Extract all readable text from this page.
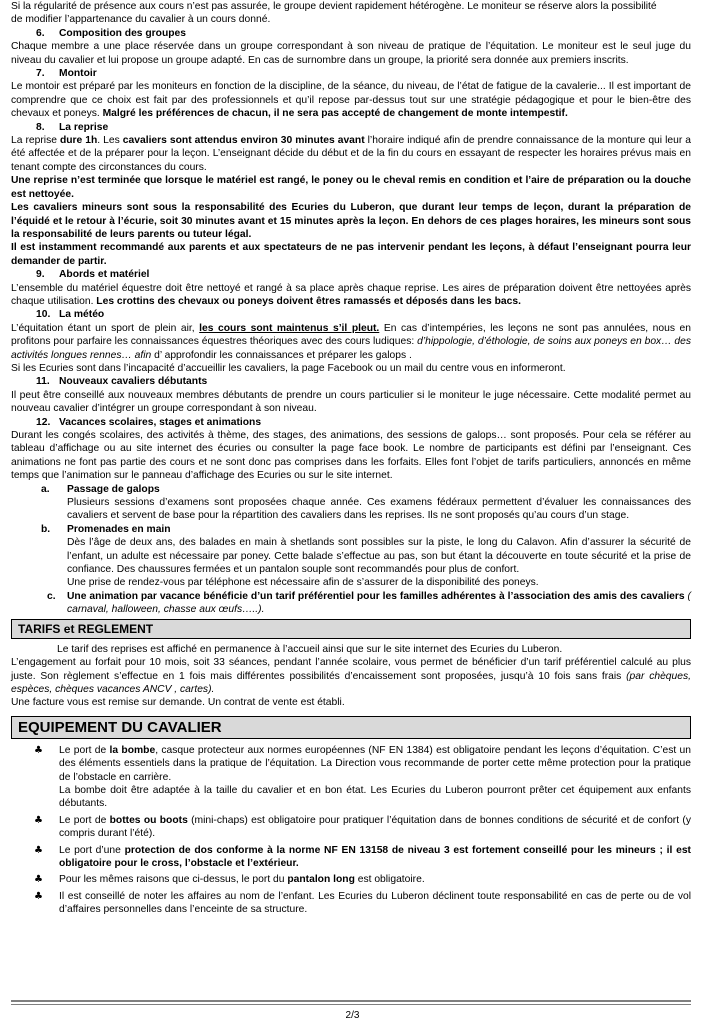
Si la régularité de présence aux cours n’est pas assurée, le groupe devient rapidement hétérogène. Le moniteur se réserve alors la possibilité

de modifier l’appartenance du cavalier à un cours donné.

6. Composition des groupes

Chaque membre a une place réservée dans un groupe correspondant à son niveau de pratique de l’équitation. Le moniteur est le seul juge du niveau du cavalier et lui propose un groupe adapté. En cas de surnombre dans un groupe, la priorité sera donnée aux premiers inscrits.

7. Montoir

Le montoir est préparé par les moniteurs en fonction de la discipline, de la séance, du niveau, de l’état de fatigue de la cavalerie... Il est important de comprendre que ce choix est fait par des professionnels et qu’il repose par-dessus tout sur une stratégie pédagogique et pour le bien-être des chevaux et poneys. Malgré les préférences de chacun, il ne sera pas accepté de changement de monte intempestif.

8. La reprise

La reprise dure 1h. Les cavaliers sont attendus environ 30 minutes avant l’horaire indiqué afin de prendre connaissance de la monture qui leur a été affectée et de la préparer pour la leçon. L’enseignant décide du début et de la fin du cours en essayant de respecter les horaires prévus mais en tenant compte des circonstances du cours.

Une reprise n’est terminée que lorsque le matériel est rangé, le poney ou le cheval remis en condition et l’aire de préparation ou la douche est nettoyée.

Les cavaliers mineurs sont sous la responsabilité des Ecuries du Luberon, que durant leur temps de leçon, durant la préparation de l’équidé et le retour à l’écurie, soit 30 minutes avant et 15 minutes après la leçon. En dehors de ces plages horaires, les mineurs sont sous la responsabilité de leurs parents ou tuteur légal.

Il est instamment recommandé aux parents et aux spectateurs de ne pas intervenir pendant les leçons, à défaut l’enseignant pourra leur demander de partir.

9. Abords et matériel

L’ensemble du matériel équestre doit être nettoyé et rangé à sa place après chaque reprise. Les aires de préparation doivent être nettoyées après chaque utilisation. Les crottins des chevaux ou poneys doivent êtres ramassés et déposés dans les bacs.

10. La météo

L’équitation étant un sport de plein air, les cours sont maintenus s’il pleut. En cas d’intempéries, les leçons ne sont pas annulées, nous en profitons pour parfaire les connaissances équestres théoriques avec des cours ludiques: d’hippologie, d’éthologie, de soins aux poneys en box… des activités longues rennes… afin d’ approfondir les connaissances et préparer les galops .

Si les Ecuries sont dans l’incapacité d’accueillir les cavaliers, la page Facebook ou un mail du centre vous en informeront.

11. Nouveaux cavaliers débutants

Il peut être conseillé aux nouveaux membres débutants de prendre un cours particulier si le moniteur le juge nécessaire. Cette modalité permet au nouveau cavalier d’intégrer un groupe correspondant à son niveau.

12. Vacances scolaires, stages et animations

Durant les congés scolaires, des activités à thème, des stages, des animations, des sessions de galops… sont proposés. Pour cela se référer au tableau d’affichage ou au site internet des écuries ou consulter la page face book. Le nombre de participants est défini par l’enseignant. Ces animations ne font pas partie des cours et ne sont donc pas comprises dans les forfaits. Elles font l’objet de tarifs particuliers, annoncés en même temps que l’animation sur le panneau d’affichage des Ecuries ou sur le site internet.

a. Passage de galops

Plusieurs sessions d’examens sont proposées chaque année. Ces examens fédéraux permettent d’évaluer les connaissances des cavaliers et servent de base pour la répartition des cavaliers dans les reprises. Ils ne sont proposés qu’au cours d’un stage.

b. Promenades en main

Dès l’âge de deux ans, des balades en main à shetlands sont possibles sur la piste, le long du Calavon. Afin d’assurer la sécurité de l’enfant, un adulte est nécessaire par poney. Cette balade s’effectue au pas, son but étant la découverte en toute sécurité et la prise de confiance. Des chaussures fermées et un pantalon souple sont recommandés pour plus de confort.

Une prise de rendez-vous par téléphone est nécessaire afin de s’assurer de la disponibilité des poneys.

c. Une animation par vacance bénéficie d’un tarif préférentiel pour les familles adhérentes à l’association des amis des cavaliers ( carnaval, halloween, chasse aux œufs…..).

TARIFS et REGLEMENT

Le tarif des reprises est affiché en permanence à l’accueil ainsi que sur le site internet des Ecuries du Luberon.

L’engagement au forfait pour 10 mois, soit 33 séances, pendant l’année scolaire, vous permet de bénéficier d’un tarif préférentiel calculé au plus juste. Son règlement s’effectue en 1 fois mais différentes possibilités d’encaissement sont proposées, jusqu’à 10 fois sans frais (par chèques, espèces, chèques vacances ANCV , cartes).

Une facture vous est remise sur demande. Un contrat de vente est établi.

EQUIPEMENT DU CAVALIER
♣ Le port de la bombe, casque protecteur aux normes européennes (NF EN 1384) est obligatoire pendant les leçons d’équitation. C’est un des éléments essentiels dans la pratique de l’équitation. La Direction vous recommande de porter cette même protection pour la pratique de l’obstacle en carrière.

La bombe doit être adaptée à la taille du cavalier et en bon état. Les Ecuries du Luberon pourront prêter cet équipement aux enfants débutants.

♣ Le port de bottes ou boots (mini-chaps) est obligatoire pour pratiquer l’équitation dans de bonnes conditions de sécurité et de confort (y compris durant l’été).

♣ Le port d’une protection de dos conforme à la norme NF EN 13158 de niveau 3 est fortement conseillé pour les mineurs ; il est obligatoire pour le cross, l’obstacle et l’extérieur.

♣ Pour les mêmes raisons que ci-dessus, le port du pantalon long est obligatoire.

♣ Il est conseillé de noter les affaires au nom de l’enfant. Les Ecuries du Luberon déclinent toute responsabilité en cas de perte ou de vol d’affaires personnelles dans l’enceinte de sa structure.

2/3
